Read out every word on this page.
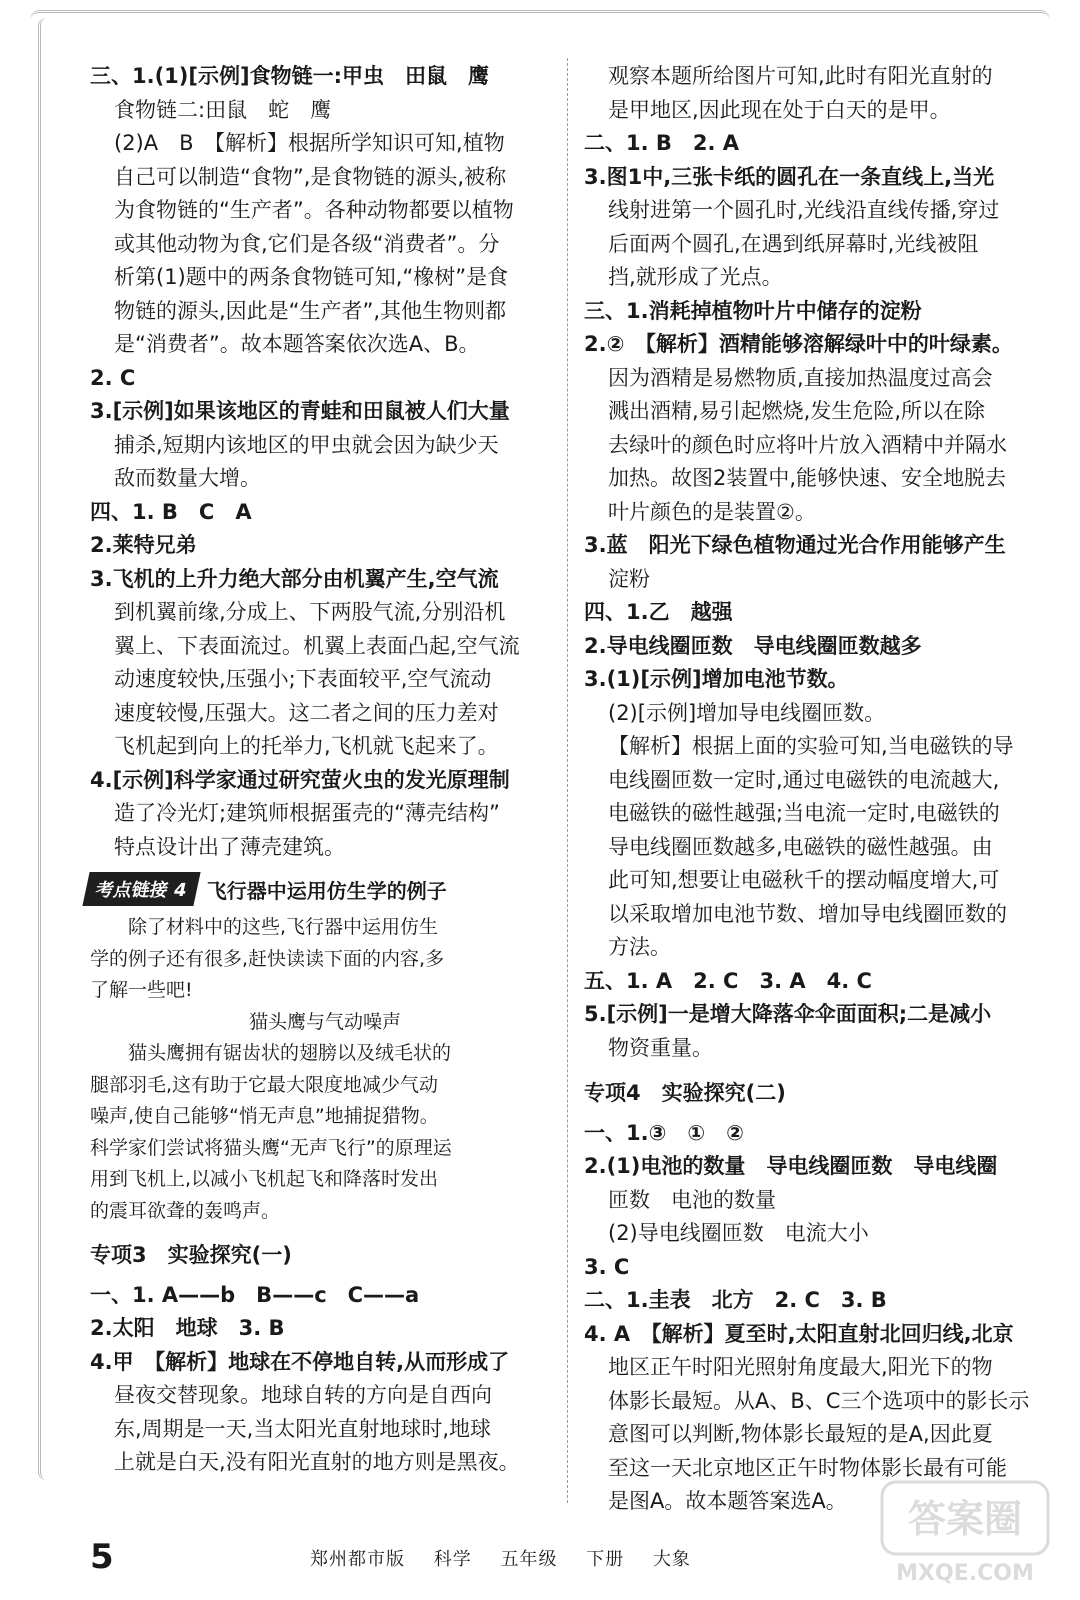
三、1.(1)[示例]食物链一:甲虫　田鼠　鹰

食物链二:田鼠　蛇　鹰

(2)A　B　【解析】根据所学知识可知,植物

自己可以制造“食物”,是食物链的源头,被称

为食物链的“生产者”。各种动物都要以植物

或其他动物为食,它们是各级“消费者”。分

析第(1)题中的两条食物链可知,“橡树”是食

物链的源头,因此是“生产者”,其他生物则都

是“消费者”。故本题答案依次选A、B。

2. C

3.[示例]如果该地区的青蛙和田鼠被人们大量

捕杀,短期内该地区的甲虫就会因为缺少天

敌而数量大增。

四、1. B　C　A

2.莱特兄弟

3.飞机的上升力绝大部分由机翼产生,空气流

到机翼前缘,分成上、下两股气流,分别沿机

翼上、下表面流过。机翼上表面凸起,空气流

动速度较快,压强小;下表面较平,空气流动

速度较慢,压强大。这二者之间的压力差对

飞机起到向上的托举力,飞机就飞起来了。

4.[示例]科学家通过研究萤火虫的发光原理制

造了冷光灯;建筑师根据蛋壳的“薄壳结构”

特点设计出了薄壳建筑。

考点链接 4 飞行器中运用仿生学的例子

　　除了材料中的这些,飞行器中运用仿生

学的例子还有很多,赶快读读下面的内容,多

了解一些吧!

猫头鹰与气动噪声

　　猫头鹰拥有锯齿状的翅膀以及绒毛状的

腿部羽毛,这有助于它最大限度地减少气动

噪声,使自己能够“悄无声息”地捕捉猎物。

科学家们尝试将猫头鹰“无声飞行”的原理运

用到飞机上,以减小飞机起飞和降落时发出

的震耳欲聋的轰鸣声。

专项3　实验探究(一)

一、1. A——b　B——c　C——a

2.太阳　地球　3. B

4.甲　【解析】地球在不停地自转,从而形成了

昼夜交替现象。地球自转的方向是自西向

东,周期是一天,当太阳光直射地球时,地球

上就是白天,没有阳光直射的地方则是黑夜。

观察本题所给图片可知,此时有阳光直射的

是甲地区,因此现在处于白天的是甲。

二、1. B　2. A

3.图1中,三张卡纸的圆孔在一条直线上,当光

线射进第一个圆孔时,光线沿直线传播,穿过

后面两个圆孔,在遇到纸屏幕时,光线被阻

挡,就形成了光点。

三、1.消耗掉植物叶片中储存的淀粉

2.②　【解析】酒精能够溶解绿叶中的叶绿素。

因为酒精是易燃物质,直接加热温度过高会

溅出酒精,易引起燃烧,发生危险,所以在除

去绿叶的颜色时应将叶片放入酒精中并隔水

加热。故图2装置中,能够快速、安全地脱去

叶片颜色的是装置②。

3.蓝　阳光下绿色植物通过光合作用能够产生

淀粉

四、1.乙　越强

2.导电线圈匝数　导电线圈匝数越多

3.(1)[示例]增加电池节数。

(2)[示例]增加导电线圈匝数。

【解析】根据上面的实验可知,当电磁铁的导

电线圈匝数一定时,通过电磁铁的电流越大,

电磁铁的磁性越强;当电流一定时,电磁铁的

导电线圈匝数越多,电磁铁的磁性越强。由

此可知,想要让电磁秋千的摆动幅度增大,可

以采取增加电池节数、增加导电线圈匝数的

方法。

五、1. A　2. C　3. A　4. C

5.[示例]一是增大降落伞伞面面积;二是减小

物资重量。

专项4　实验探究(二)

一、1.③　①　②

2.(1)电池的数量　导电线圈匝数　导电线圈

匝数　电池的数量

(2)导电线圈匝数　电流大小

3. C

二、1.圭表　北方　2. C　3. B

4. A　【解析】夏至时,太阳直射北回归线,北京

地区正午时阳光照射角度最大,阳光下的物

体影长最短。从A、B、C三个选项中的影长示

意图可以判断,物体影长最短的是A,因此夏

至这一天北京地区正午时物体影长最有可能

是图A。故本题答案选A。

5	郑州都市版 科学 五年级 下册 大象
答案圈
MXQE.COM
